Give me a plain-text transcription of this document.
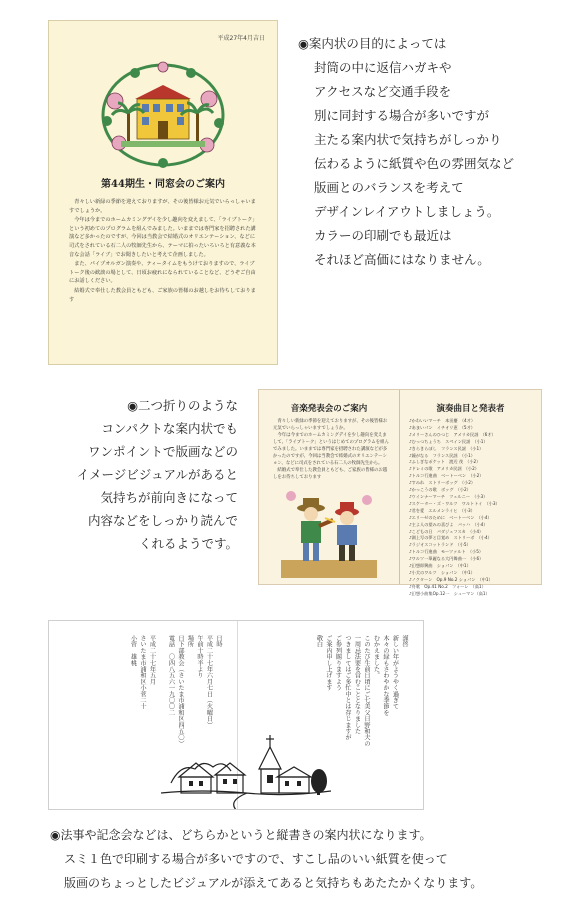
平成27年4月吉日
第44期生・同窓会のご案内

青々しい新緑の季節を迎えておりますが、その後皆様お元気でいらっしゃいますでしょうか。

今年は今までのホームカミングデイを少し趣向を変えまして、「ライブトーク」という初めてのプログラムを組んでみました。いままでは専門家を招聘された講演など多かったのですが、今回は当教会で結婚式のオリエンテーション、などに司式をされている石二人の牧師先生から、テーマに拍ったいろいろと有意義な本音な会話「ライブ」でお聞きしたいと考えて企画しました。

また、パイプオルガン演奏や、ティータイムをもうけておりますので、ライブトーク後の歓談の場として、日頃お疲れになられていることなど、どうぞご自由にお話しください。

結婚式で奉仕した教会員ともども、ご家族の皆様のお越しをお待ちしております

◉案内状の目的によっては
封筒の中に返信ハガキや
アクセスなど交通手段を
別に同封する場合が多いですが
主たる案内状で気持ちがしっかり
伝わるように紙質や色の雰囲気など
版画とのバランスを考えて
デザインレイアウトしましょう。
カラーの印刷でも最近は
それほど高価にはなりません。
◉二つ折りのような
コンパクトな案内状でも
ワンポイントで版画などの
イメージビジュアルがあると
気持ちが前向きになって
内容などをしっかり読んで
くれるようです。
音楽発表会のご案内

青々しい新緑の季節を迎えておりますが、その後皆様お元気でいらっしゃいますでしょうか。

今年は今までのホームカミングデイを少し趣向を変えまして、「ライブトーク」というはじめてのプログラムを組んでみました。いままでは専門家を招聘された講演などが多かったのですが、今回は当教会で結婚式のオリエンテーション、などに司式をされている石二人の牧師先生から。

結婚式で奉仕した教会員ともども、ご家族の皆様のお越しをお待ちしております

演奏曲目と発表者
♪かわいいマーチ　本田慶　（4才）
♪あまいパン　イチオリ恵　（5才）
♪メリーさんのひつじ　アメリカ民謡　（6才）
♪むっつちょうち　スペイン民謡　（小1）
♪きらきらぼし　フランス民謡　（小1）
♪鐘がなる　フランス民謡　（小1）
♪ふしぎなポケット　渡辺 茂　（小2）
♪ドレミの歌　アメリカ民謡　（小2）
♪トルコ行進曲　ベートーベン　（小2）
♪すみれ　ストリーボッグ　（小2）
♪かっこうの歌　ボッグ　（小2）
♪ウインナーマーチ　ツェルニー　（小3）
♪スケーター・ズ・ワルツ　ワルトトイ　（小3）
♪君を愛　エルメンライヒ　（小3）
♪エリーゼのために　ベートーベン　（小4）
♪主よ人の望みの喜びよ　バッハ　（小4）
♪こどもの日　バダジェフスカ　（小4）
♪湖上写の夢と目覚め　ストリーボ　（小4）
♪ラジオスコットランド　（小5）
♪トルコ行進曲　モーツァルト　（小5）
♪ワルツ一華麗なる大円舞曲一　（小6）
♪幻想即興曲　ショパン　（中1）
♪小犬のワルツ　ショパン　（中1）
♪ノクターン　Op.9 No.2 ショパン　（中1）
♪舟歌　Op.41 No.2　フォーレ　（高1）
♪幻想小曲集Op.12一　シューマン（高1）
日時
平成二十七年六月七日（火曜日）
午前十時半より
場所
日下部教会（さいたま市浦和区四五〇）
電話　〇四八五六一九〇〇二

平成二十七年五月
さいたま市浦和区小菅二十
小菅　雄桃	謹啓
新しい年がようやく過ぎて
木々の緑もさわやかな季節を
むかえました。
このたび生前日頃にご七美父日野和夫の
一周忌法要を営むこととなりました
つきましてはご多忙中とは存じますが
ご参列賜りますよう
ご案内申し上げます
敬白
◉法事や記念会などは、どちらかというと縦書きの案内状になります。
スミ１色で印刷する場合が多いですので、すこし品のいい紙質を使って
版画のちょっとしたビジュアルが添えてあると気持ちもあたたかくなります。
